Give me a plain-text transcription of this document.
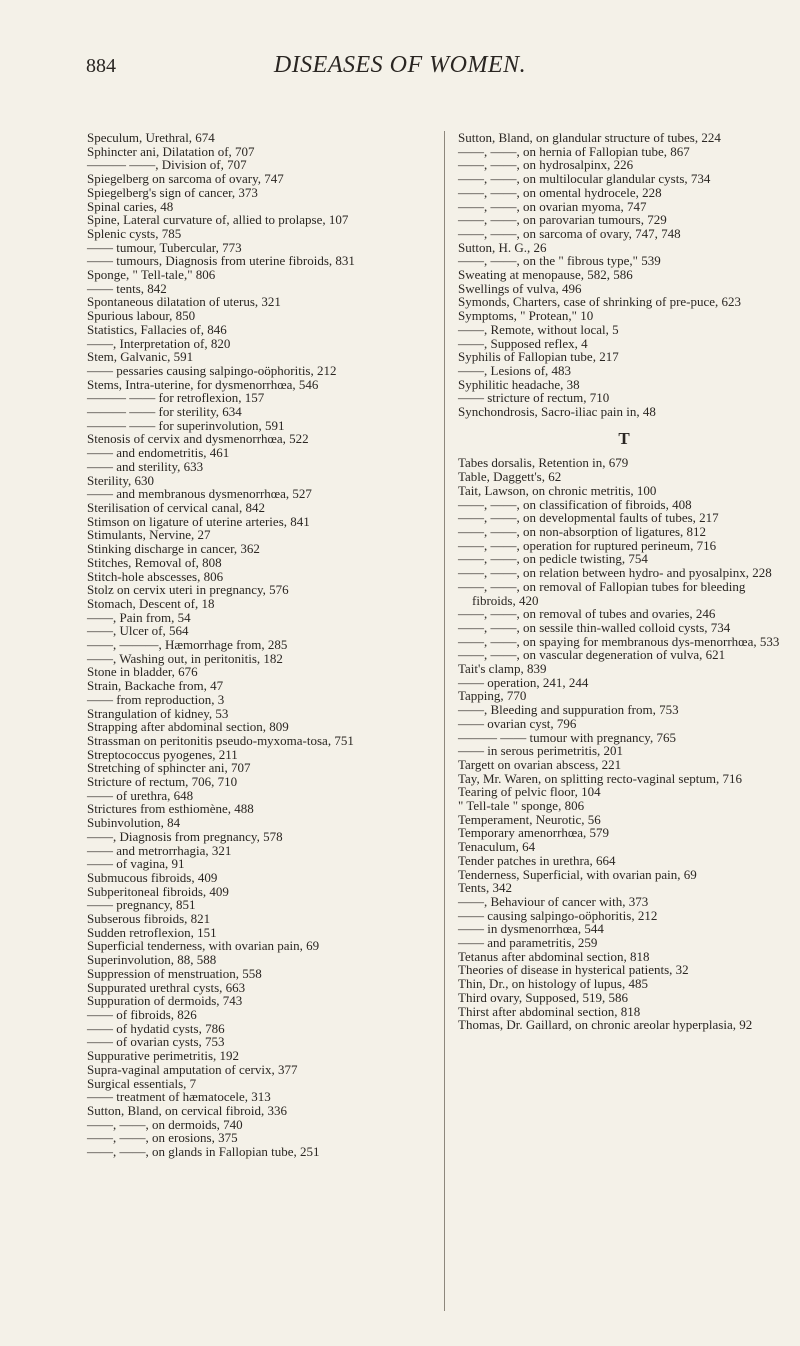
884	DISEASES OF WOMEN.

Speculum, Urethral, 674

Sphincter ani, Dilatation of, 707

——— ——, Division of, 707

Spiegelberg on sarcoma of ovary, 747

Spiegelberg's sign of cancer, 373

Spinal caries, 48

Spine, Lateral curvature of, allied to prolapse, 107

Splenic cysts, 785

—— tumour, Tubercular, 773

—— tumours, Diagnosis from uterine fibroids, 831

Sponge, " Tell-tale," 806

—— tents, 842

Spontaneous dilatation of uterus, 321

Spurious labour, 850

Statistics, Fallacies of, 846

——, Interpretation of, 820

Stem, Galvanic, 591

—— pessaries causing salpingo-oöphoritis, 212

Stems, Intra-uterine, for dysmenorrhœa, 546

——— —— for retroflexion, 157

——— —— for sterility, 634

——— —— for superinvolution, 591

Stenosis of cervix and dysmenorrhœa, 522

—— and endometritis, 461

—— and sterility, 633

Sterility, 630

—— and membranous dysmenorrhœa, 527

Sterilisation of cervical canal, 842

Stimson on ligature of uterine arteries, 841

Stimulants, Nervine, 27

Stinking discharge in cancer, 362

Stitches, Removal of, 808

Stitch-hole abscesses, 806

Stolz on cervix uteri in pregnancy, 576

Stomach, Descent of, 18

——, Pain from, 54

——, Ulcer of, 564

——, ———, Hæmorrhage from, 285

——, Washing out, in peritonitis, 182

Stone in bladder, 676

Strain, Backache from, 47

—— from reproduction, 3

Strangulation of kidney, 53

Strapping after abdominal section, 809

Strassman on peritonitis pseudo-myxoma-tosa, 751

Streptococcus pyogenes, 211

Stretching of sphincter ani, 707

Stricture of rectum, 706, 710

—— of urethra, 648

Strictures from esthiomène, 488

Subinvolution, 84

——, Diagnosis from pregnancy, 578

—— and metrorrhagia, 321

—— of vagina, 91

Submucous fibroids, 409

Subperitoneal fibroids, 409

—— pregnancy, 851

Subserous fibroids, 821

Sudden retroflexion, 151

Superficial tenderness, with ovarian pain, 69

Superinvolution, 88, 588

Suppression of menstruation, 558

Suppurated urethral cysts, 663

Suppuration of dermoids, 743

—— of fibroids, 826

—— of hydatid cysts, 786

—— of ovarian cysts, 753

Suppurative perimetritis, 192

Supra-vaginal amputation of cervix, 377

Surgical essentials, 7

—— treatment of hæmatocele, 313

Sutton, Bland, on cervical fibroid, 336

——, ——, on dermoids, 740

——, ——, on erosions, 375

——, ——, on glands in Fallopian tube, 251

Sutton, Bland, on glandular structure of tubes, 224

——, ——, on hernia of Fallopian tube, 867

——, ——, on hydrosalpinx, 226

——, ——, on multilocular glandular cysts, 734

——, ——, on omental hydrocele, 228

——, ——, on ovarian myoma, 747

——, ——, on parovarian tumours, 729

——, ——, on sarcoma of ovary, 747, 748

Sutton, H. G., 26

——, ——, on the " fibrous type," 539

Sweating at menopause, 582, 586

Swellings of vulva, 496

Symonds, Charters, case of shrinking of pre-puce, 623

Symptoms, " Protean," 10

——, Remote, without local, 5

——, Supposed reflex, 4

Syphilis of Fallopian tube, 217

——, Lesions of, 483

Syphilitic headache, 38

—— stricture of rectum, 710

Synchondrosis, Sacro-iliac pain in, 48

T

Tabes dorsalis, Retention in, 679

Table, Daggett's, 62

Tait, Lawson, on chronic metritis, 100

——, ——, on classification of fibroids, 408

——, ——, on developmental faults of tubes, 217

——, ——, on non-absorption of ligatures, 812

——, ——, operation for ruptured perineum, 716

——, ——, on pedicle twisting, 754

——, ——, on relation between hydro- and pyosalpinx, 228

——, ——, on removal of Fallopian tubes for bleeding fibroids, 420

——, ——, on removal of tubes and ovaries, 246

——, ——, on sessile thin-walled colloid cysts, 734

——, ——, on spaying for membranous dys-menorrhœa, 533

——, ——, on vascular degeneration of vulva, 621

Tait's clamp, 839

—— operation, 241, 244

Tapping, 770

——, Bleeding and suppuration from, 753

—— ovarian cyst, 796

——— —— tumour with pregnancy, 765

—— in serous perimetritis, 201

Targett on ovarian abscess, 221

Tay, Mr. Waren, on splitting recto-vaginal septum, 716

Tearing of pelvic floor, 104

" Tell-tale " sponge, 806

Temperament, Neurotic, 56

Temporary amenorrhœa, 579

Tenaculum, 64

Tender patches in urethra, 664

Tenderness, Superficial, with ovarian pain, 69

Tents, 342

——, Behaviour of cancer with, 373

—— causing salpingo-oöphoritis, 212

—— in dysmenorrhœa, 544

—— and parametritis, 259

Tetanus after abdominal section, 818

Theories of disease in hysterical patients, 32

Thin, Dr., on histology of lupus, 485

Third ovary, Supposed, 519, 586

Thirst after abdominal section, 818

Thomas, Dr. Gaillard, on chronic areolar hyperplasia, 92
